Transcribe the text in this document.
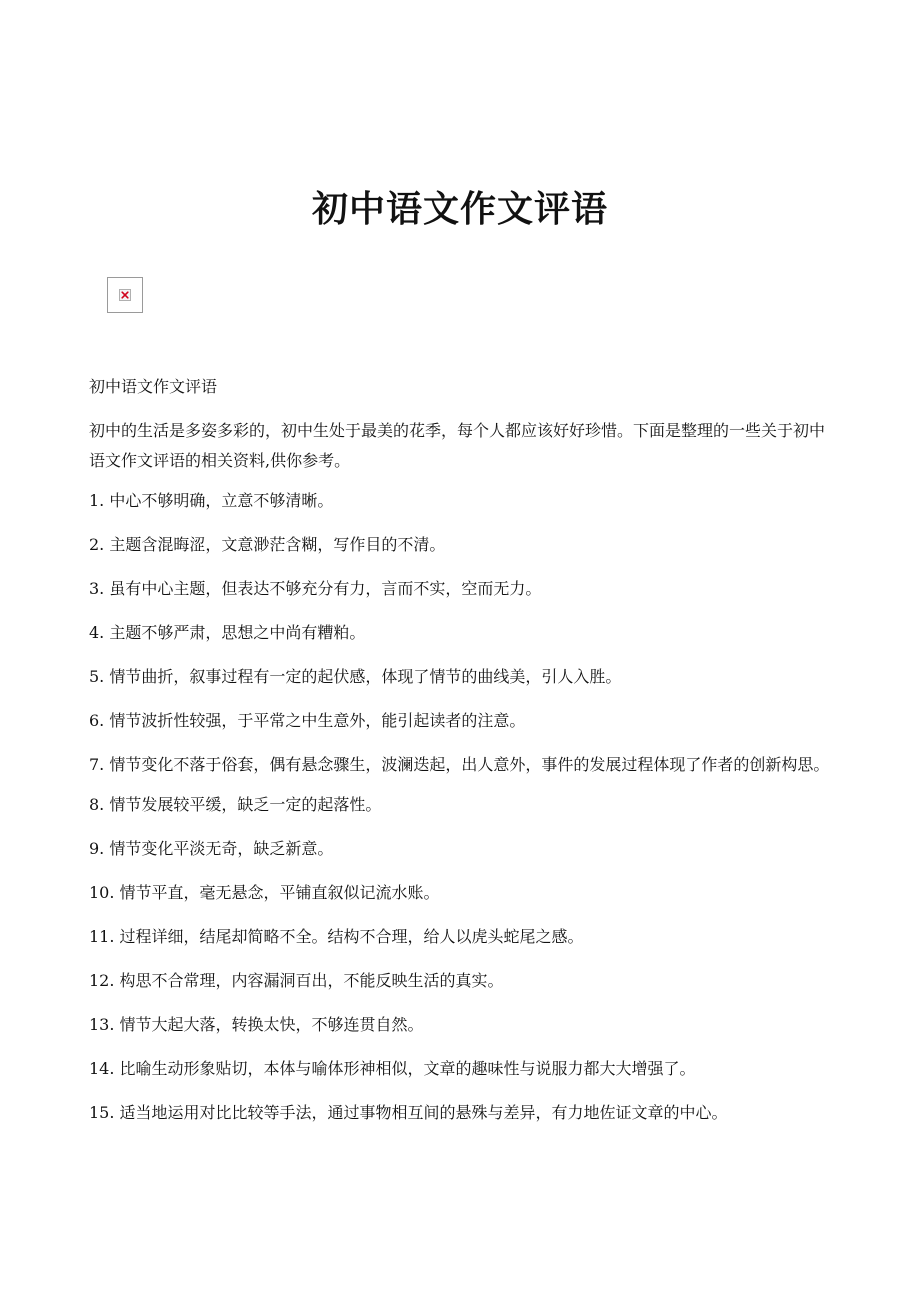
初中语文作文评语

初中语文作文评语

初中的生活是多姿多彩的，初中生处于最美的花季，每个人都应该好好珍惜。下面是整理的一些关于初中语文作文评语的相关资料,供你参考。

1. 中心不够明确，立意不够清晰。

2. 主题含混晦涩，文意渺茫含糊，写作目的不清。

3. 虽有中心主题，但表达不够充分有力，言而不实，空而无力。

4. 主题不够严肃，思想之中尚有糟粕。

5. 情节曲折，叙事过程有一定的起伏感，体现了情节的曲线美，引人入胜。

6. 情节波折性较强，于平常之中生意外，能引起读者的注意。

7. 情节变化不落于俗套，偶有悬念骤生，波澜迭起，出人意外，事件的发展过程体现了作者的创新构思。

8. 情节发展较平缓，缺乏一定的起落性。

9. 情节变化平淡无奇，缺乏新意。

10. 情节平直，毫无悬念，平铺直叙似记流水账。

11. 过程详细，结尾却简略不全。结构不合理，给人以虎头蛇尾之感。

12. 构思不合常理，内容漏洞百出，不能反映生活的真实。

13. 情节大起大落，转换太快，不够连贯自然。

14. 比喻生动形象贴切，本体与喻体形神相似，文章的趣味性与说服力都大大增强了。

15. 适当地运用对比比较等手法，通过事物相互间的悬殊与差异，有力地佐证文章的中心。
